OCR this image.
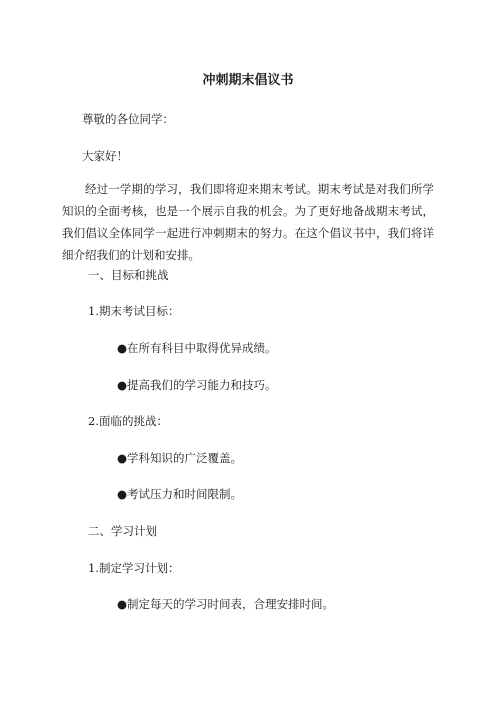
冲刺期末倡议书
尊敬的各位同学：
大家好！
经过一学期的学习，我们即将迎来期末考试。期末考试是对我们所学知识的全面考核，也是一个展示自我的机会。为了更好地备战期末考试，我们倡议全体同学一起进行冲刺期末的努力。在这个倡议书中，我们将详细介绍我们的计划和安排。
一、目标和挑战
1.期末考试目标：
●在所有科目中取得优异成绩。
●提高我们的学习能力和技巧。
2.面临的挑战：
●学科知识的广泛覆盖。
●考试压力和时间限制。
二、学习计划
1.制定学习计划：
●制定每天的学习时间表，合理安排时间。
